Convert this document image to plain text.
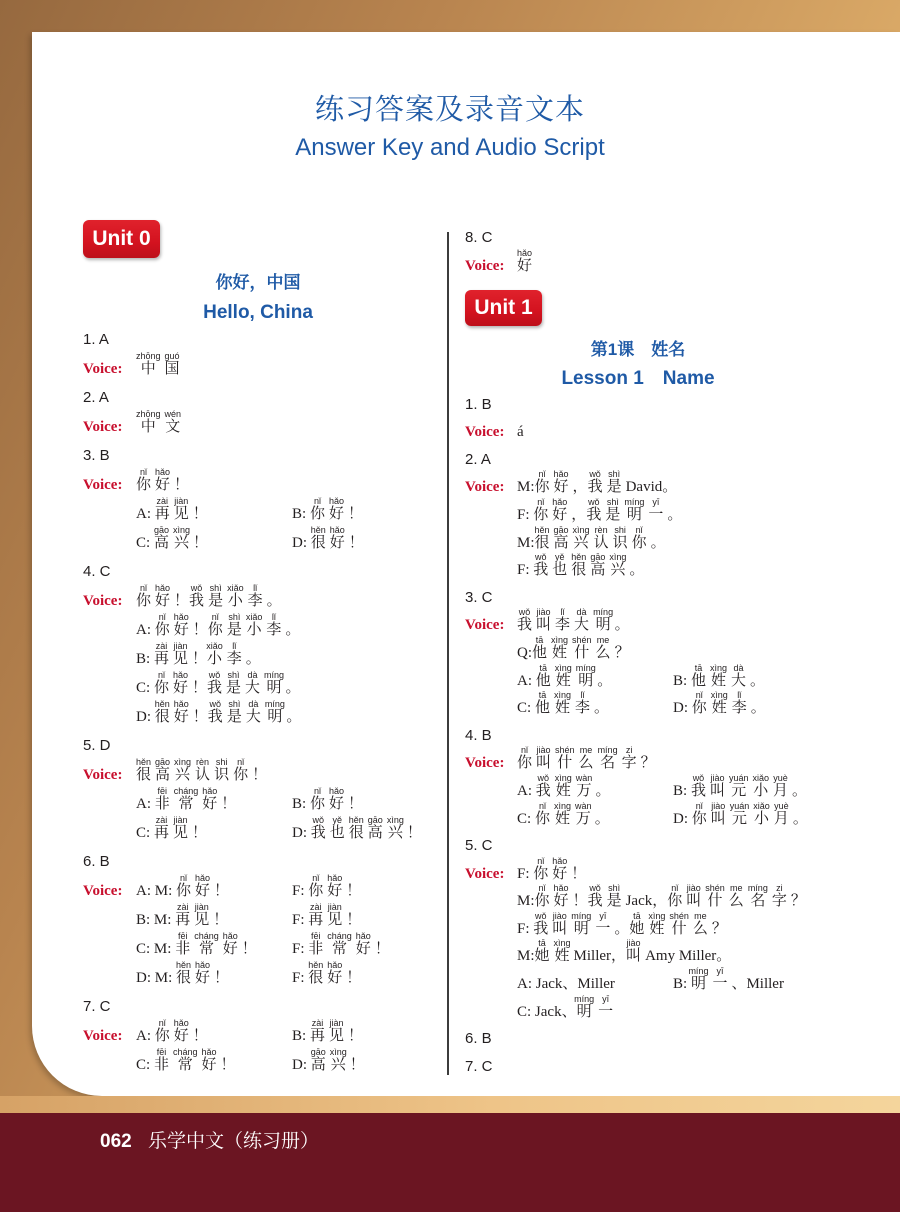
062 乐学中文（练习册）
练习答案及录音文本
Answer Key and Audio Script
Unit 0
你好，中国
Hello, China
1. A
Voice: 中zhōng国guó
2. A
Voice: 中zhōng文wén
3. B
Voice: 你nǐ好hǎo！
A: 再zài见jiàn！	B: 你nǐ好hǎo！
C: 高gāo兴xìng！	D: 很hěn好hǎo！
4. C
Voice: 你nǐ好hǎo！我wǒ是shì小xiǎo李lǐ。
A: 你nǐ好hǎo！你nǐ是shì小xiǎo李lǐ。
B: 再zài见jiàn！小xiǎo李lǐ。
C: 你nǐ好hǎo！我wǒ是shì大dà明míng。
D: 很hěn好hǎo！我wǒ是shì大dà明míng。
5. D
Voice: 很hěn高gāo兴xìng认rèn识shi你nǐ！
A: 非fēi常cháng好hǎo！	B: 你nǐ好hǎo！
C: 再zài见jiàn！	D: 我wǒ也yě很hěn高gāo兴xìng！
6. B
Voice: A: M: 你nǐ好hǎo！	F: 你nǐ好hǎo！
B: M: 再zài见jiàn！	F: 再zài见jiàn！
C: M: 非fēi常cháng好hǎo！	F: 非fēi常cháng好hǎo！
D: M: 很hěn好hǎo！	F: 很hěn好hǎo！
7. C
Voice: A: 你nǐ好hǎo！	B: 再zài见jiàn！
C: 非fēi常cháng好hǎo！	D: 高gāo兴xìng！
8. C
Voice: 好hǎo
Unit 1
第1课　姓名
Lesson 1　Name
1. B
Voice: á
2. A
Voice: M:你nǐ好hǎo，我wǒ是shìDavid。
F: 你nǐ好hǎo，我wǒ是shì明míng一yī。
M:很hěn高gāo兴xìng认rèn识shi你nǐ。
F: 我wǒ也yě很hěn高gāo兴xìng。
3. C
Voice: 我wǒ叫jiào李lǐ大dà明míng。
Q:他tā姓xìng什shén么me？
A: 他tā姓xìng明míng。	B: 他tā姓xìng大dà。
C: 他tā姓xìng李lǐ。	D: 你nǐ姓xìng李lǐ。
4. B
Voice: 你nǐ叫jiào什shén么me名míng字zi？
A: 我wǒ姓xìng万wàn。	B: 我wǒ叫jiào元yuán小xiǎo月yuè。
C: 你nǐ姓xìng万wàn。	D: 你nǐ叫jiào元yuán小xiǎo月yuè。
5. C
Voice: F: 你nǐ好hǎo！
M:你nǐ好hǎo！我wǒ是shìJack，你nǐ叫jiào什shén么me名míng字zi？
F: 我wǒ叫jiào明míng一yī。她tā姓xìng什shén么me？
M:她tā姓xìngMiller，叫jiàoAmy Miller。
A: Jack、Miller	B: 明míng一yī、Miller
C: Jack、明míng一yī
6. B
7. C
